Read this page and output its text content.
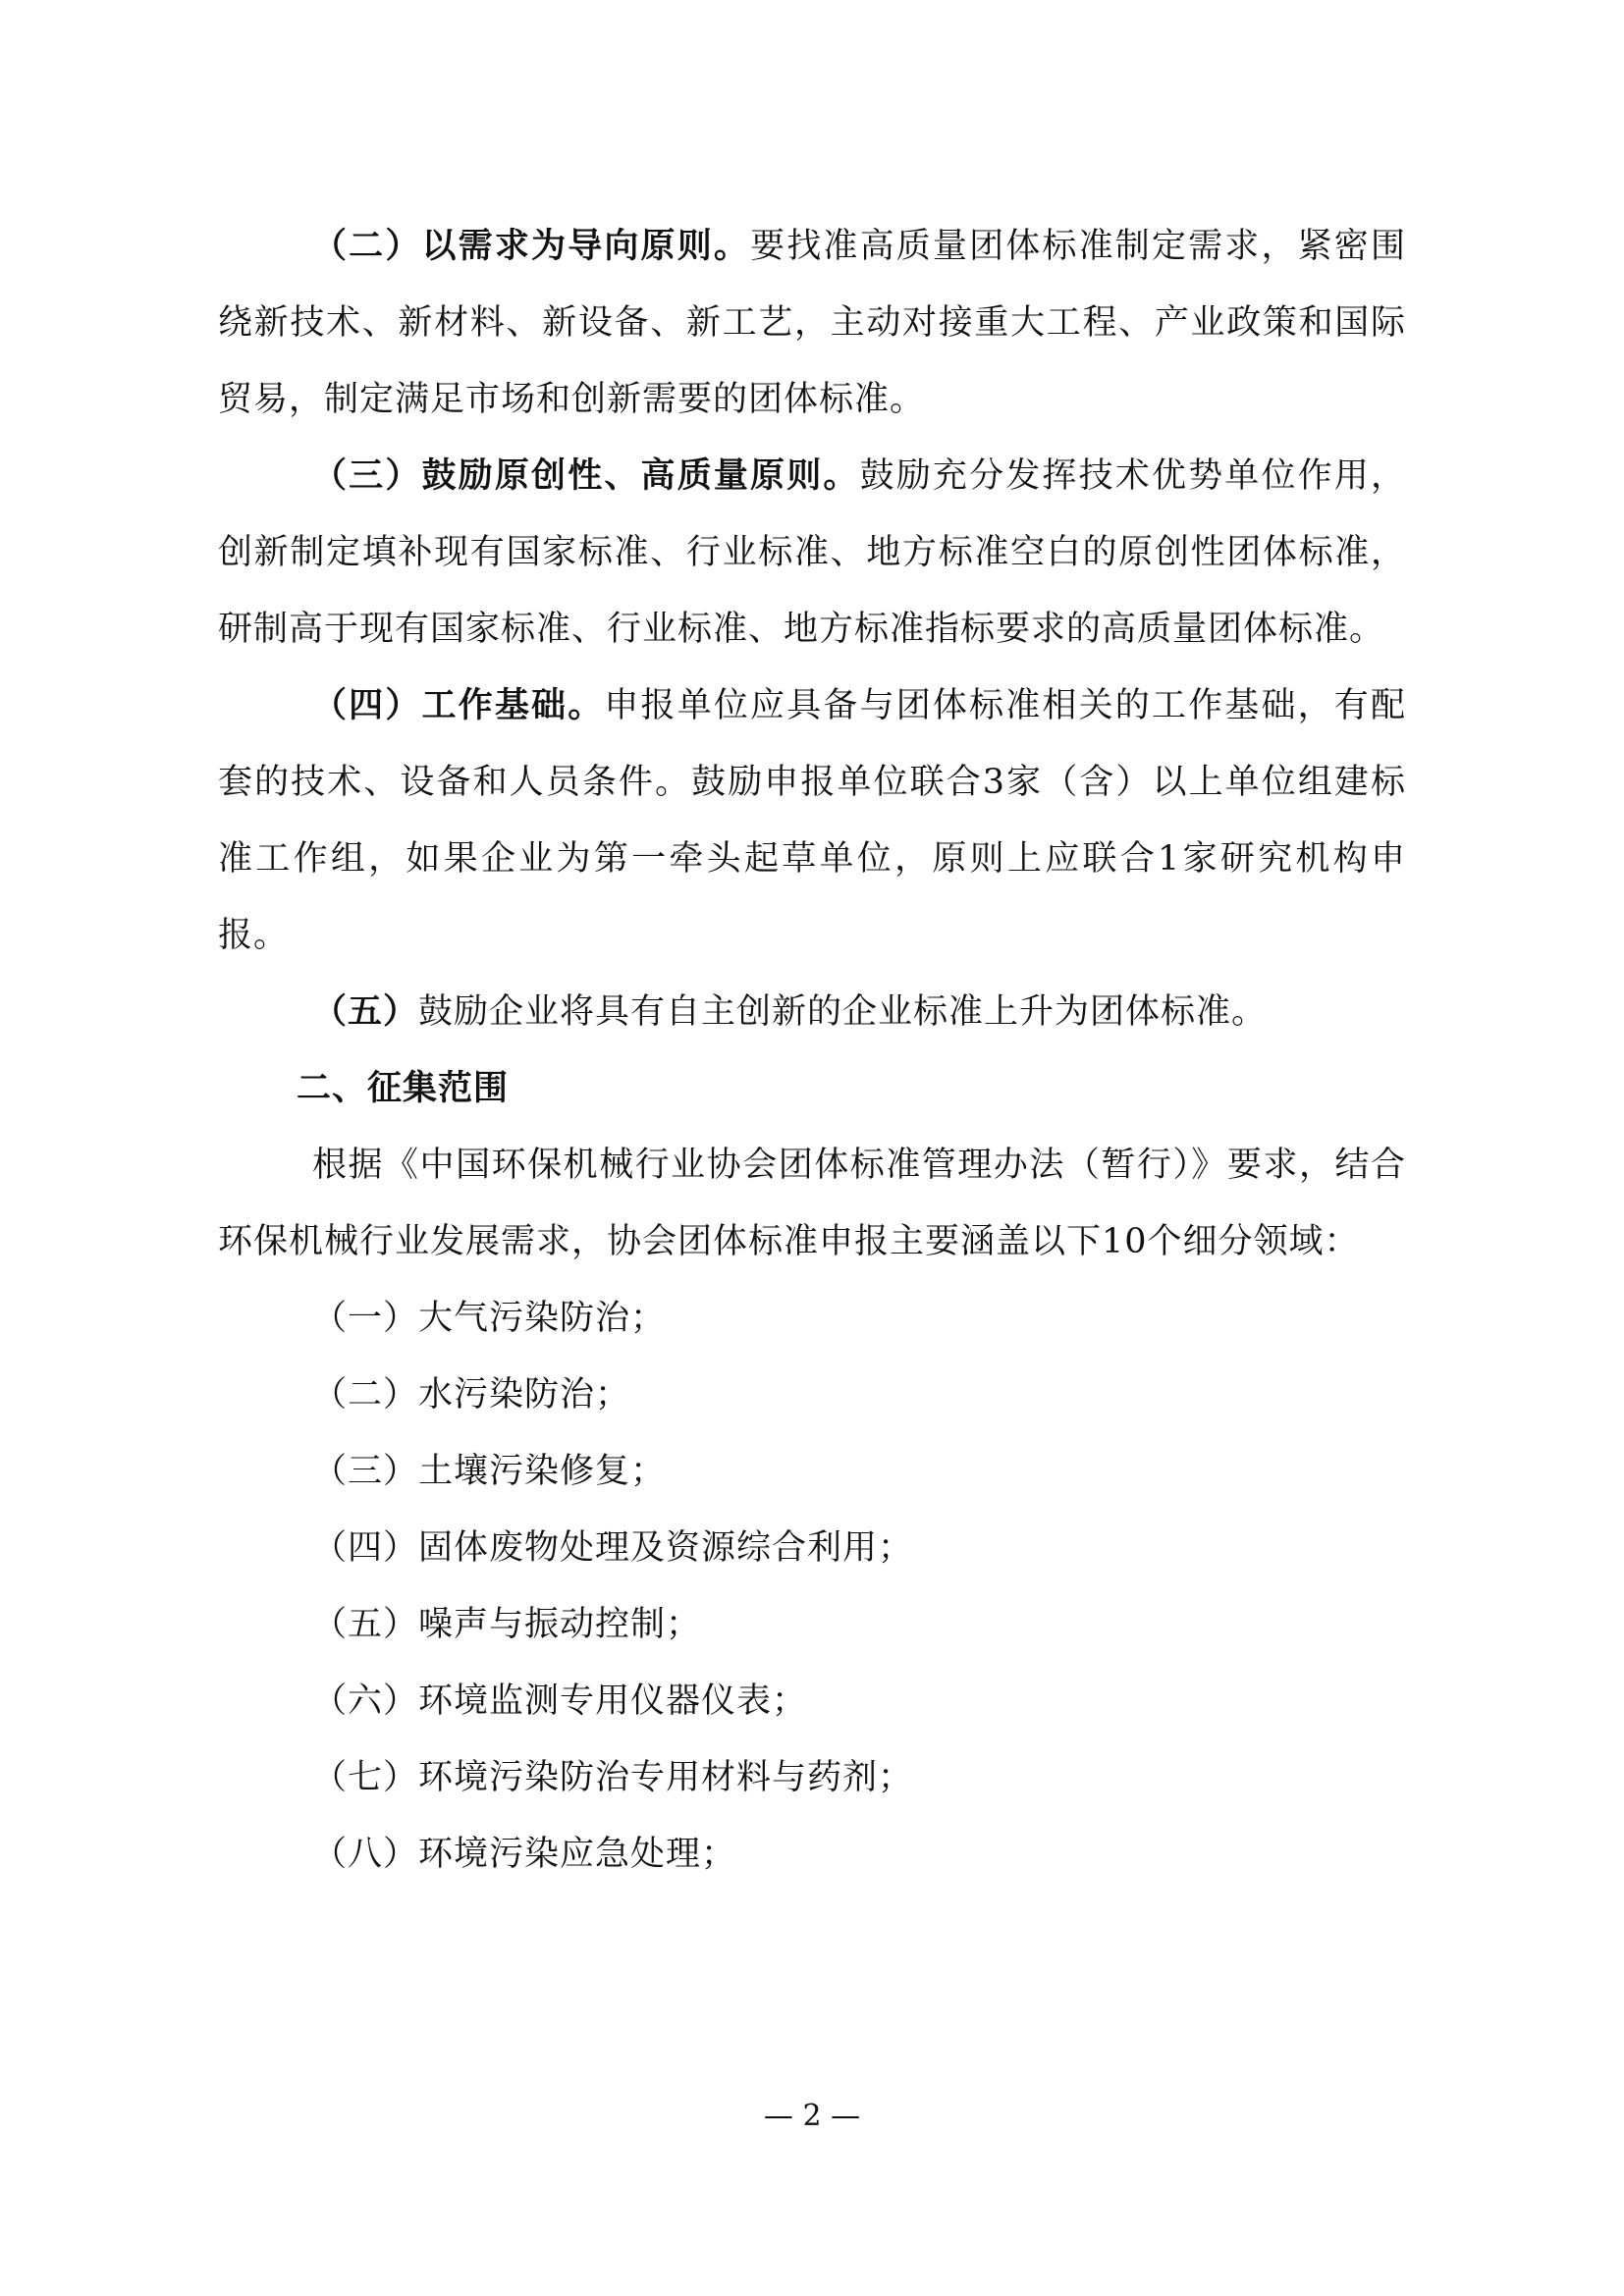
（二）以需求为导向原则。要找准高质量团体标准制定需求，紧密围绕新技术、新材料、新设备、新工艺，主动对接重大工程、产业政策和国际贸易，制定满足市场和创新需要的团体标准。

（三）鼓励原创性、高质量原则。鼓励充分发挥技术优势单位作用，创新制定填补现有国家标准、行业标准、地方标准空白的原创性团体标准，研制高于现有国家标准、行业标准、地方标准指标要求的高质量团体标准。

（四）工作基础。申报单位应具备与团体标准相关的工作基础，有配套的技术、设备和人员条件。鼓励申报单位联合3家（含）以上单位组建标准工作组，如果企业为第一牵头起草单位，原则上应联合1家研究机构申报。

（五）鼓励企业将具有自主创新的企业标准上升为团体标准。

二、征集范围

根据《中国环保机械行业协会团体标准管理办法（暂行）》要求，结合环保机械行业发展需求，协会团体标准申报主要涵盖以下10个细分领域：

（一）大气污染防治；

（二）水污染防治；

（三）土壤污染修复；

（四）固体废物处理及资源综合利用；

（五）噪声与振动控制；

（六）环境监测专用仪器仪表；

（七）环境污染防治专用材料与药剂；

（八）环境污染应急处理；

— 2 —
